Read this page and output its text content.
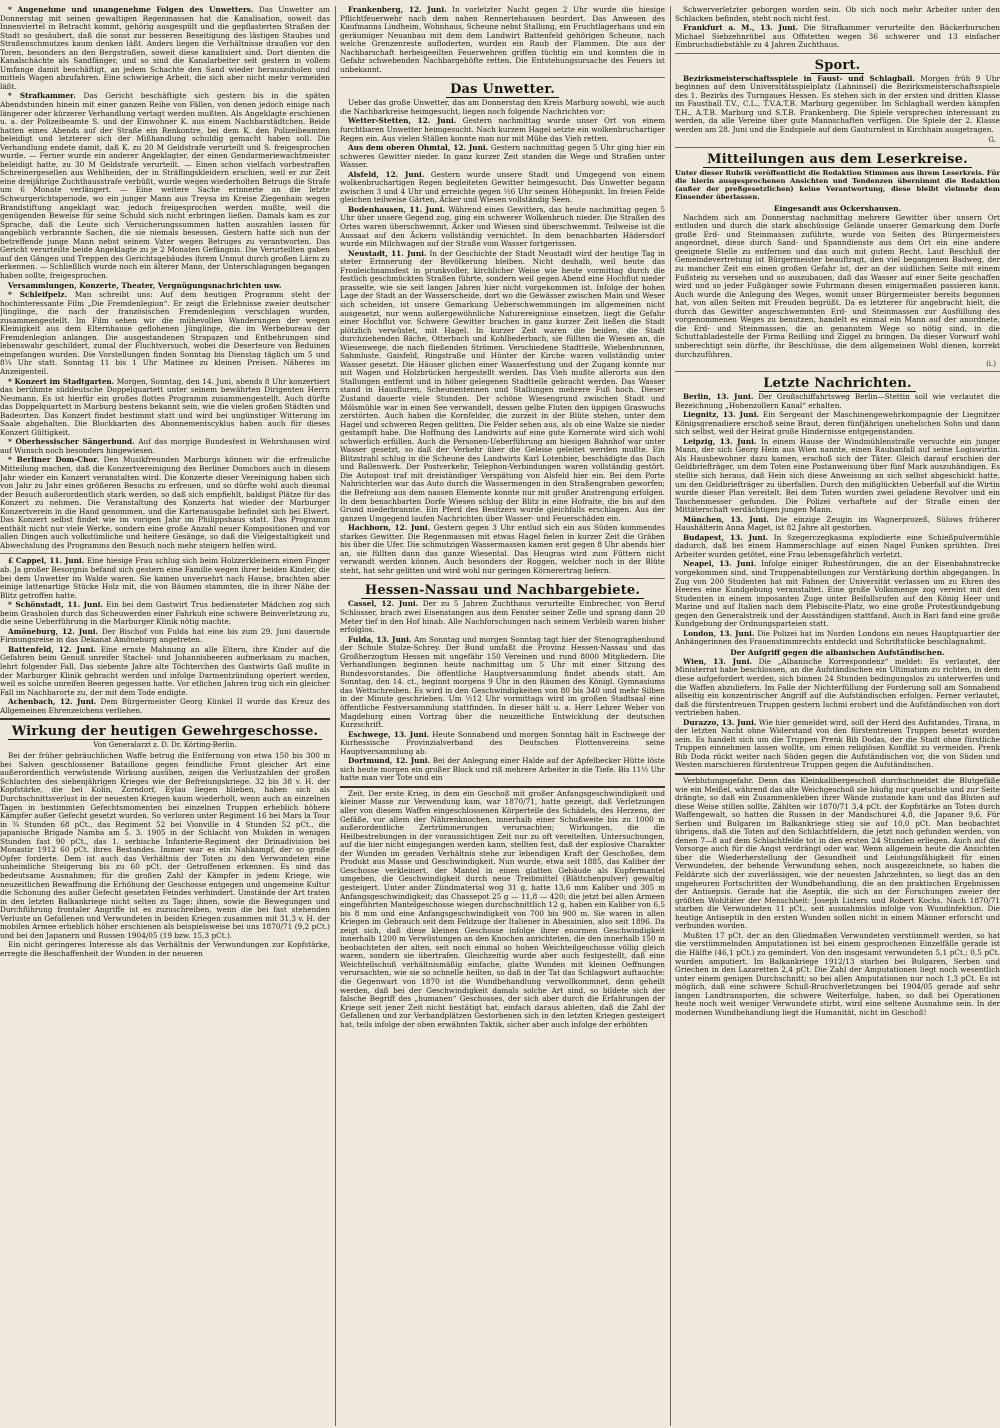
* Angenehme und unangenehme Folgen des Unwetters. Das Unwetter am Donnerstag mit seinen gewaltigen Regenmassen hat die Kanalisation, soweit das Innenviertel in Betracht kommt, gehörig ausgespült und die gepflasterten Straßen der Stadt so gesäubert, daß die sonst zur besseren Beseitigung des lästigen Staubes und Straßenschmutzes kaum denken läßt. Anders liegen die Verhältnisse draußen vor den Toren, besonders an den Bergstraßen, soweit diese kanalisiert sind. Dort dienten die Kanalschächte als Sandfänger, und so sind die Kanalarbeiter seit gestern in vollem Umfange damit beschäftigt, an jedem Schachte den Sand wieder herauszuholen und mittels Wagen abzufahren. Eine schwierige Arbeit, die sich aber nicht mehr vermeiden läßt.

* Strafkammer. Das Gericht beschäftigte sich gestern bis in die späten Abendstunden hinein mit einer ganzen Reihe von Fällen, von denen jedoch einige nach längerer oder kürzerer Verhandlung vertagt werden mußten. Als Angeklagte erschienen u. a. der Polizeibeamte S. und der Einwohner K. aus einem Nachbarstädtchen. Beide hatten eines Abends auf der Straße ein Renkontre, bei dem K. den Polizeibeamten beleidigt und letzterer sich der Mißhandlung schuldig gemacht haben soll. Die Verhandlung endete damit, daß K. zu 20 M Geldstrafe verurteilt und S. freigesprochen wurde. — Ferner wurde ein anderer Angeklagter, der einen Gendarmeriewachtmeister beleidigt hatte, zu 30 M Geldstrafe verurteilt. — Einen schon vielfach vorbestraften Schreinergesellen aus Wehlheiden, der in Sträflingskleidern erschien, weil er zur Zeit eine dreijährige Zuchthausstrafe verbüßt, wurde wegen wiederholten Betrugs die Strafe um 6 Monate verlängert. — Eine weitere Sache erinnerte an die letzte Schwurgerichtsperiode, wo ein junger Mann aus Treysa im Kreise Ziegenhain wegen Brandstiftung angeklagt war, jedoch freigesprochen werden mußte, weil die genügenden Beweise für seine Schuld sich nicht erbringen ließen. Damals kam es zur Sprache, daß die Leute sich Versicherungssummen hatten auszahlen lassen für angeblich verbrannte Sachen, die sie niemals besessen. Gestern hatte sich nun der betreffende junge Mann nebst seinem Vater wegen Betruges zu verantworten. Das Gericht verurteilte beide Angeklagte zu je 2 Monaten Gefängnis. Die Verurteilten gaben auf den Gängen und Treppen des Gerichtsgebäudes ihrem Unmut durch großen Lärm zu erkennen. — Schließlich wurde noch ein älterer Mann, der Unterschlagungen begangen haben sollte, freigesprochen.

Versammlungen, Konzerte, Theater, Vergnügungsnachrichten usw.

* Schleifpelz. Man schreibt uns: Auf dem heutigen Programm steht der hochinteressante Film „Die Fremdenlegion“. Er zeigt die Erlebnisse zweier deutscher Jünglinge, die nach der französischen Fremdenlegion verschlagen wurden, zusammengestellt. Im Film sehen wir die mühevollen Wanderungen der wegen Kleinigkeit aus dem Elternhause geflohenen Jünglinge, die im Werbebureau der Fremdenlegion anlangen. Die ausgestandenen Strapazen und Entbehrungen sind lebenswahr geschildert, zumal der Fluchtversuch, wobei die Deserteure von Beduinen eingefangen wurden. Die Vorstellungen finden Sonntag bis Dienstag täglich um 5 und 8¼ Uhr statt. Sonntag 11 bis 1 Uhr Matinee zu kleinen Preisen. Näheres im Anzeigenteil.

* Konzert im Stadtgarten. Morgen, Sonntag, den 14. Juni, abends 8 Uhr konzertiert das berühmte süddeutsche Doppelquartett unter seinem bewährten Dirigenten Herrn Neumann. Es ist hierfür ein großes flottes Programm zusammengestellt. Auch dürfte das Doppelquartett in Marburg bestens bekannt sein, wie die vielen großen Städten und Badeorten. Das Konzert findet bestimmt statt und wird bei ungünstiger Witterung im Saale abgehalten. Die Blockkarten des Abonnementscyklus haben auch für dieses Konzert Gültigkeit.

* Oberhessischer Sängerbund. Auf das morgige Bundesfest in Wehrshausen wird auf Wunsch noch besonders hingewiesen.

* Berliner Dom-Chor. Den Musikfreunden Marburgs können wir die erfreuliche Mitteilung machen, daß die Konzertvereinigung des Berliner Domchors auch in diesem Jahr wieder ein Konzert veranstalten wird. Die Konzerte dieser Vereinigung haben sich von Jahr zu Jahr eines größeren Besuchs zu erfreuen, und so dürfte wohl auch diesmal der Besuch außerordentlich stark werden, so daß sich empfiehlt, baldigst Plätze für das Konzert zu nehmen. Die Veranstaltung des Konzerts hat wieder der Marburger Konzertverein in die Hand genommen, und die Kartenausgabe befindet sich bei Elwert. Das Konzert selbst findet wie im vorigen Jahr im Philippshaus statt. Das Programm enthält nicht nur viele Werke, sondern eine große Anzahl neuer Kompositionen und vor allen Dingen auch volkstümliche und heitere Gesänge, so daß die Vielgestaltigkeit und Abwechslung des Programms den Besuch noch mehr steigern helfen wird.

£ Cappel, 11. Juni. Eine hiesige Frau schlug sich beim Holzzerkleinern einen Finger ab. Ja großer Besorgnis befand sich gestern eine Familie wegen ihrer beiden Kinder, die bei dem Unwetter im Walde waren. Sie kamen unversehrt nach Hause, brachten aber einige lattenartige Stücke Holz mit, die von Bäumen stammten, die in ihrer Nähe der Blitz getroffen hatte.

* Schönstadt, 11. Juni. Ein bei dem Gastwirt Trus bediensteter Mädchen zog sich beim Grasholen durch das Scheuwerden einer Fahrkuh eine schwere Beinverletzung zu, die seine Ueberführung in die Marburger Klinik nötig machte.

Amöneburg, 12. Juni. Der Bischof von Fulda hat eine bis zum 29. Juni dauernde Firmungsreise in das Dekanat Amöneburg angetreten.

Battenfeld, 12. Juni. Eine ernste Mahnung an alle Eltern, ihre Kinder auf die Gefahren beim Genuß unreifer Stachel- und Johannisbeeren aufmerksam zu machen, lehrt folgender Fall. Das siebente Jahre alte Töchterchen des Gastwirts Gaß mußte in der Marburger Klinik gebracht werden und infolge Darmentzündung operiert werden, weil es solche unreifen Beeren gegessen hatte. Vor etlichen Jahren trug sich ein gleicher Fall im Nachbarorte zu, der mit dem Tode endigte.

Achenbach, 12. Juni. Dem Bürgermeister Georg Künkel II wurde das Kreuz des Allgemeinen Ehrenzeichens verliehen.

Wirkung der heutigen Gewehrgeschosse.
Von Generalarzt z. D. Dr. Körting-Berlin.

Bei der früher gebräuchlichen Waffe betrug die Entfernung von etwa 150 bis 300 m bei Salven geschlossener Bataillone gegen feindliche Front gleicher Art eine außerordentlich verwüstende Wirkung ausüben, zeigen die Verlustzahlen der großen Schlachten des siebenjährigen Krieges wie der Befreiungskriege. 32 bis 38 v. H. der Kopfstärke, die bei Kolin, Zorndorf, Eylau liegen blieben, haben sich als Durchschnittsverlust in der neuesten Kriegen kaum wiederholt, wenn auch an einzelnen Tagen in bestimmten Gefechtsmomenten bei einzelnen Truppen erheblich höhere Kämpfer außer Gefecht gesetzt wurden. So verloren unter Regiment 16 bei Mars la Tour in ¾ Stunden 68 pCt., das Regiment 52 bei Vionville in 4 Stunden 52 pCt., die japanische Brigade Namba am 5. 3. 1905 in der Schlacht von Mukden in wenigen Stunden fast 90 pCt., das 1. serbische Infanterie-Regiment der Drinadivision bei Monastir 1912 60 pCt. ihres Bestandes. Immer war es ein Nahkampf, der so große Opfer forderte. Dem ist auch das Verhältnis der Toten zu den Verwundeten eine unheimliche Steigerung bis zu 60 pCt. der Getroffenen erkennen. Es sind das bedeutsame Ausnahmen; für die großen Zahl der Kämpfer in jedem Kriege, wie neuzeitlichen Bewaffnung die Erhöhung der Geschosse entgegen und ungemeine Kultur die Schonung des außer Gefecht gesetzten Feindes verhindert. Umstände der Art traten in den letzten Balkankriege nicht selten zu Tage; ihnen, sowie die Bewegungen und Durchführung frontaler Angriffe ist es zuzuschreiben, wenn die bei fast stehenden Verluste an Gefallenen und Verwundeten in beiden Kriegen zusammen mit 31,3 v. H. der mobilen Armee erheblich höher erschienen als beispielsweise bei uns 1870/71 (9,2 pCt.) und bei den Japanern und Russen 1904/05 (19 bzw. 15,3 pCt.).

Ein nicht geringeres Interesse als das Verhältnis der Verwundungen zur Kopfstärke, erregte die Beschaffenheit der Wunden in der neueren

Frankenberg, 12. Juni. In vorletzter Nacht gegen 2 Uhr wurde die hiesige Pflichtfeuerwehr nach dem nahen Rennertehausen beordert. Das Anwesen des Kaufmanns Lindheim, Wohnhaus, Scheune nebst Stallung, ein Fruchtlagerhaus und ein geräumiger Neuanbau mit dem dem Landwirt Battenfeld gehörigen Scheune, nach welche Grenzenreste aufloderten, wurden ein Raub der Flammen. Die aus der Nachbarschaft herbeigeeilten Feuerwehren griffen tüchtig ein und konnten die in Gefahr schwebenden Nachbargehöfte retten. Die Entstehungsursache des Feuers ist unbekannt.

Das Unwetter.

Ueber das große Unwetter, das am Donnerstag den Kreis Marburg sowohl, wie auch die Nachbarkreise heimgesucht, liegen noch folgende Nachrichten vor:

Wetter-Stetten, 12. Juni. Gestern nachmittag wurde unser Ort von einem furchtbaren Unwetter heimgesucht. Nach kurzem Hagel setzte ein wolkenbruchartiger Regen ein. Aus vielen Ställen konnte man nur mit Mühe das Vieh retten.

Aus dem oberen Ohmtal, 12. Juni. Gestern nachmittag gegen 5 Uhr ging hier ein schweres Gewitter nieder. In ganz kurzer Zeit standen die Wege und Straßen unter Wasser.

Alsfeld, 12. Juni. Gestern wurde unsere Stadt und Umgegend von einem wolkenbruchartigen Regen begleiteten Gewitter heimgesucht. Das Unwetter begann zwischen 3 und 4 Uhr und erreichte gegen ½6 Uhr seinen Höhepunkt. Im freien Felde gleichen teilweise Gärten, Äcker und Wiesen vollständig Seen.

Bodenhausen, 11. Juni. Während eines Gewitters, das heute nachmittag gegen 5 Uhr über unsere Gegend zog, ging ein schwerer Wolkenbruch nieder. Die Straßen des Ortes waren überschwemmt, Äcker und Wiesen sind überschwemmt. Teilweise ist die Aussaat auf den Äckern vollständig vernichtet. In dem benachbarten Hädersdorf wurde ein Milchwagen auf der Straße vom Wasser fortgerissen.

Neustadt, 11. Juni. In der Geschichte der Stadt Neustadt wird der heutige Tag in steter Erinnerung der Bevölkerung bleiben. Nicht deshalb, weil heute das Fronleichnamsfest in prunkvoller, kirchlicher Weise wie heute vormittag durch die festlich geschmückten Straßen führte, sondern weil gegen Abend eine Hochflut nieder prasselte, wie sie seit langen Jahren hier nicht vorgekommen ist. Infolge der hohen Lage der Stadt an der Wasserscheide, dort wo die Gewässer zwischen Main und Weser sich scheiden, ist unsere Gemarkung Ueberschwemmungen im allgemeinen nicht ausgesetzt, nur wenn außergewöhnliche Naturereignisse einsetzen, liegt die Gefahr einer Hochflut vor. Schwere Gewitter brachen in ganz kurzer Zeit ließen die Stadt plötzlich verwüstet, mit Hagel. In kurzer Zeit waren die beiden, die Stadt durchziehenden Bäche, Otterbach und Kohlbederbach, sie füllten die Wiesen an, die Wiesenwege, die nach fließenden Strömen. Verschiedene Stadtteile, Wiebenbrunnen, Sahmluste, Gaisfeld, Ringstraße und Hünter der Kirche waren vollständig unter Wasser gesetzt. Die Häuser glichen einer Wasserfestung und der Zugang konnte nur mit Wagen und Holzbrücken hergestellt werden. Das Vieh mußte allerorts aus den Stallungen entfernt und in höher gelegenen Stadtteile gebracht werden. Das Wasser stand in Hausfluren, Scheunentennen und Stallungen mehrere Fuß hoch. Dieser Zustand dauerte viele Stunden. Der schöne Wiesengrund zwischen Stadt und Mölsmühle war in einen See verwandelt, dessen gelbe Fluten den üppigen Graswuchs zerstörten. Auch haben die Kornfelder, die zurzeit in der Blüte stehen, unter dem Hagel und schweren Regen gelitten. Die Felder sehen aus, als ob eine Walze sie nieder gestampft habe. Die Hoffnung des Landwirts auf eine gute Kornernte wird sich wohl schwerlich erfüllen. Auch die Personen-Ueberführung am hiesigen Bahnhof war unter Wasser gesetzt, so daß der Verkehr über die Geleise geleitet werden mußte. Ein Blitzstrahl schlug in die Scheune des Landwirts Karl Lotenbier, beschädigte das Dach und Ballenwerk. Der Postverkehr, Telephon-Verbindungen waren vollständig gestört. Die Autopost traf mit dreiständiger Verspätung von Alsfeld hier ein. Bei dem Porte Nahrichterlen war das Auto durch die Wassermengen in den Straßengraben geworfen; die Befreiung aus dem nassen Elemente konnte nur mit großer Anstrengung erfolgen. In dem benachbarten Dorfe Wiesen schlug der Blitz in eine Hofraite, die bis auf den Grund niederbrannte. Ein Pferd des Besitzers wurde gleichfalls erschlagen. Aus der ganzen Umgegend laufen Nachrichten über Wasser- und Feuerschäden ein.

Hachborn, 12. Juni. Gestern gegen 3 Uhr entlud sich ein aus Süden kommendes starkes Gewitter. Die Regenmassen mit etwas Hagel fielen in kurzer Zeit die Gräben bis über die Ufer. Die schmutzigen Wassermassen kamen erst gegen 8 Uhr abends hier an, sie füllten dann das ganze Wiesental. Das Heugras wird zum Füttern nicht verwandt werden können. Auch besonders der Roggen, welcher noch in der Blüte steht, hat sehr gelitten und wird wohl nur geringen Körnerertrag liefern.

Hessen-Nassau und Nachbargebiete.

Cassel, 12. Juni. Der zu 5 Jahren Zuchthaus verurteilte Einbrecher, von Beruf Schlosser, brach zwei Eisenstangen aus dem Fenster seiner Zelle und sprang dann 20 Meter tief in den Hof hinab. Alle Nachforschungen nach seinem Verbleib waren bisher erfolglos.

Fulda, 13. Juni. Am Sonntag und morgen Sonntag tagt hier der Stenographenbund der Schule Stolze-Schrey. Der Bund umfaßt die Provinz Hessen-Nassau und das Großherzogtum Hessen mit ungefähr 150 Vereinen und rund 8000 Mitgliedern. Die Verhandlungen beginnen heute nachmittag um 5 Uhr mit einer Sitzung des Bundesvorstandes. Die öffentliche Hauptversammlung findet abends statt. Am Sonntag, den 14. ct., beginnt morgens 9 Uhr in den Räumen des Königl. Gymnasiums das Wettschreiben. Es wird in den Geschwindigkeiten von 80 bis 340 und mehr Silben in der Minute geschrieben. Um ½12 Uhr vormittags wird im großen Stadtsaal eine öffentliche Festversammlung stattfinden. In dieser hält u. a. Herr Lehrer Weber von Magdeburg einen Vortrag über die neuzeitliche Entwicklung der deutschen Kurzschrift.

Eschwege, 13. Juni. Heute Sonnabend und morgen Sonntag hält in Eschwege der Kurhessische Provinzialverband des Deutschen Flottenvereins seine Hauptversammlung ab.

Dortmund, 12. Juni. Bei der Anlegung einer Halde auf der Apfelbecker Hütte löste sich heute morgen ein großer Block und riß mehrere Arbeiter in die Tiefe. Bis 11½ Uhr hatte man vier Tote und ein

Zeit. Der erste Krieg, in dem ein Geschoß mit großer Anfangsgeschwindigkeit und kleiner Masse zur Verwendung kam, war 1870/71, hatte gezeigt, daß Verletzungen aller von diesem Waffen eingeschlossenen Körperteile des Schädels, des Herzens, der Gefäße, vor allem der Nährenknochen, innerhalb einer Schußweite bis zu 1000 m außerordentliche Zertrümmerungen verursachten; Wirkungen, die die Heilbestrebungen in der voraussichtigen Zeit nur zu oft vereitelten. Untersuchungen, auf die hier nicht eingegangen werden kann, stellten fest, daß der explosive Charakter der Wunden im geraden Verhältnis stehe zur lebendigen Kraft der Geschoßes, dem Produkt aus Masse und Geschwindigkeit. Nun wurde, etwa seit 1885, das Kaliber der Geschosse verkleinert, der Mantel in einen glatten Gebäude als Kupfermantel umgeben, die Geschwindigkeit durch neue Treibmittel (Blättchenpulver) gewaltig gesteigert. Unter ander Zündmaterial wog 31 g, hatte 13,6 mm Kaliber und 305 m Anfangsgeschwindigkeit; das Chassepot 25 g — 11,8 — 420; die jetzt bei allen Armeen eingeführten Mantelgeschosse wiegen durchschnittlich 12 g, haben ein Kaliber von 6,5 bis 8 mm und eine Anfangsgeschwindigkeit von 700 bis 900 m. Sie waren in allen Kriegen im Gebrauch seit dem Feldzuge der Italiener in Abessinien, also seit 1896. Da zeigt sich, daß diese kleinen Geschosse infolge ihrer enormen Geschwindigkeit innerhalb 1200 m Verwüstungen an den Knochen anrichteten, die den innerhalb 150 m beobachteten der alten, seit noch einmal so hohen Weichteilgeschosse völlig gleich waren, sondern sie übertrafen. Gleichzeitig wurde aber auch festgestellt, daß eine Weichteilschuß verhältnismäßig einfache, glatte Wunden mit kleinen Oeffnungen verursachten, wie sie so schnelle heilten, so daß in der Tat das Schlagwort auftauchte: die Gegenwart von 1870 ist die Wundbehandlung verwollkommnet, denn geheilt werden, daß bei der Geschwindigkeit damals solche Art sind, so bildete sich der falsche Begriff des „humanen“ Geschosses, der sich aber durch die Erfahrungen der Kriege seit jener Zeit nicht bestätigt hat, einfach daraus ableiten, daß die Zahl der Gefallenen und zur Verbandplätzen Gestorbenen sich in den letzten Kriegen gesteigert hat, teils infolge der oben erwähnten Taktik, sicher aber auch infolge der erhöhten

Schwerverletzter geborgen worden sein. Ob sich noch mehr Arbeiter unter den Schlacken befinden, steht noch nicht fest.

Frankfurt a. M., 13. Juni. Die Strafkammer verurteilte den Bäckerburschen Michael Siebzehnrübel aus Offstetten wegen 36 schwerer und 13 einfacher Einbruchsdiebstähle zu 4 Jahren Zuchthaus.

Sport.

Bezirksmeisterschaftsspiele in Faust- und Schlagball. Morgen früh 9 Uhr beginnen auf dem Universitätsspielplatz (Lahninsel) die Bezirksmeisterschaftsspiele des 1. Bezirks des Turngaues Hessen. Es stehen sich in der ersten und dritten Klasse im Faustball T.V., C.L., T.V.A.T.B. Marburg gegenüber. Im Schlagball werden kämpfen T.H., A.T.B. Marburg und S.T.B. Frankenberg. Die Spiele versprechen interessant zu werden, da alle Vereine über gute Mannschaften verfügen. Die Spiele der 2. Klasse werden am 28. Juni und die Endspiele auf dem Gauturnfest in Kirchhain ausgetragen.

G.
Mitteilungen aus dem Leserkreise.
Unter dieser Rubrik veröffentlicht die Redaktion Stimmen aus ihrem Leserkreis. Für die hierin ausgesprochenen Ansichten und Tendenzen übernimmt die Redaktion (außer der preßgesetzlichen) keine Verantwortung, diese bleibt vielmehr dem Einsender überlassen.
Eingesandt aus Ockershausen.

Nachdem sich am Donnerstag nachmittag mehrere Gewitter über unsern Ort entluden und durch die stark abschüssige Gelände unserer Gemarkung dem Dorfe große Erd- und Steinmassen zuführte, wurde von Seiten des Bürgermeisters angeordnet, diese durch Sand- und Spanndienste aus dem Ort ein eine andere geeignete Stelle zu entfernen und das auch mit gutem Recht. Laut Beschluß der Gemeindevertretung ist Bürgermeister beauftragt, den viel begangenen Badweg, der zu mancher Zeit ein einen großen Gefahr ist, der an der südlichen Seite mit einem Fußsteig zu versehen und so auszubauen, daß das Wasser auf einer Seite geschaffen wird und so jeder Fußgänger sowie Fuhrmann diesen einigermaßen passieren kann. Auch wurde die Anlegung des Weges, womit unser Bürgermeister bereits begonnen hat, von allen Seiten mit Freuden begrüßt. Da es letzterer für angebracht hielt, die durch das Gewitter angeschwemmten Erd- und Steinmassen zur Ausfüllung des vorgenommenen Weges zu benutzen, handelt es einmal ein Mann auf der anordnete, die Erd- und Steinmassen, die an genanntem Wege so nötig sind, in die Schuttabladestelle der Firma Reißing und Ziggel zu bringen. Da dieser Vorwurf wohl unberechtigt sein dürfte, ihr Beschlüsse, die dem allgemeinen Wohl dienen, korrekt durchzuführen.

(i.)
Letzte Nachrichten.

Berlin, 13. Juni. Der Großschiffahrtsweg Berlin—Stettin soll wie verlautet die Bezeichnung „Hohenzollern Kanal“ erhalten.

Liegnitz, 13. Juni. Ein Sergeant der Maschinengewehrkompagnie der Liegnitzer Königsgrenadiere erschoß seine Braut, deren fünfjährigen unehelichen Sohn und dann sich selbst, weil der Heirat große Hindernisse entgegenstanden.

Leipzig, 13. Juni. In einem Hause der Windmühlenstraße versuchte ein junger Mann, der sich Georg Hein aus Wien nannte, einen Raubanfall auf seine Logiswirtin. Als Hausbewohner dazu kamen, erschoß sich der Täter. Gleich darauf erschien der Geldbriefträger, um dem Toten eine Postanweisung über fünf Mark auszuhändigen. Es stellte sich heraus, daß Hein sich diese Anweisung an sich selbst abgeschickt hatte, um den Geldbriefträger zu überfallen. Durch den mißglückten Ueberfall auf die Wirtin wurde dieser Plan vereitelt. Bei dem Toten wurden zwei geladene Revolver und ein Taschenmesser gefunden. Die Polizei verhaftete auf der Straße einen der Mittäterschaft verdächtigen jungen Mann.

München, 13. Juni. Die einzige Zeugin im Wagnerprozeß, Sülows früherer Haushälterin Anna Maget, ist 82 Jahre alt gestorben.

Budapest, 13. Juni. In Szegerczegkasma explodierte eine Schießpulvermühle dadurch, daß bei einem Hammerschlage auf einen Nagel Funken sprühten. Drei Arbeiter wurden getötet, eine Frau lebensgefährlich verletzt.

Neapel, 13. Juni. Infolge einiger Ruhestörungen, die an der Eisenbahnstrecke vorgekommen sind, sind Truppenabteilungen zur Verstärkung dorthin abgegangen. In Zug von 200 Studenten hat mit Fahnen der Universität verlassen um zu Ehren des Heeres eine Kundgebung veranstaltet. Eine große Volksmenge zog vereint mit den Studenten in einem imposanten Zuge unter Beifallsrufen auf den König Heer und Marine und auf Italien nach dem Plebiscite-Platz, wo eine große Protestkundgebung gegen den Generalstreik und der Ausständigen stattfand. Auch in Bari fand eine große Kundgebung der Ordnungsparteien statt.

London, 13. Juni. Die Polizei hat im Norden Londons ein neues Hauptquartier der Anhängerinnen des Frauenstimmrechts entdeckt und Schriftstücke beschlagnahmt.

Der Aufgriff gegen die albanischen Aufständischen.

Wien, 13. Juni. Die „Albanische Korrespondenz“ meldet: Es verlautet, der Ministerrat habe beschlossen, an die Aufständischen ein Ultimatum zu richten, in dem diese aufgefordert werden, sich binnen 24 Stunden bedingungslos zu unterwerfen und die Waffen abzuliefern. Im Falle der Nichterfüllung der Forderung soll am Sonnabend allseitig ein konzentrischer Angriff auf die Aufständischen erfolgen. Ferner verlautet, daß die fürstentreuen Truppen gestern Ischmi erobert und die Aufständischen von dort vertrieben haben.

Durazzo, 13. Juni. Wie hier gemeldet wird, soll der Herd des Aufstandes, Tirana, in der letzten Nacht ohne Widerstand von den fürstentreuen Truppen besetzt worden sein. Es handelt sich um die Truppen Prenk Bib Dodas, der die Stadt ohne fürstliche Truppen einnehmen lassen wollte, um einen religiösen Konflikt zu vermeiden. Prenk Bib Doda rückt weiter nach Süden gegen die Aufständischen vor, die von Süden und Westen marschieren fürstentreue Truppen gegen die Aufständischen.

Verblutungsgefahr. Denn das Kleinkalibergeschoß durchschneidet die Blutgefäße wie ein Meißel, während das alte Weichgeschoß sie häufig nur quetschte und zur Seite drängte, so daß ein Zusammenkleben ihrer Wände zustande kam und das Bluten auf diese Weise stillen sollte. Zählten wir 1870/71 3,4 pCt. der Kopfstärke an Toten durch Waffengewalt, so hatten die Russen in der Mandschurei 4,8, die Japaner 9,6. Für Serben und Bulgaren im Balkankriege stieg sie auf 10,0 pCt. Man beobachtet übrigens, daß die Toten auf den Schlachtfeldern, die jetzt noch gefunden werden, von denen 7—8 auf dem Schlachtfelde tot in den ersten 24 Stunden erliegen. Auch auf die Vorsorge auch für die Angst verdrängt oder war. Wenn allgemein heute die Ansichten über die Wiederherstellung der Gesundheit und Leistungsfähigkeit für einen Verwundeten, der behende Verwundung sehen, noch ausgezeichnete, so haben die Feldärzte sich der zuverlässigen, wie der neuesten Jahrzehnten, so liegt das an den ungeheuren Fortschritten der Wundbehandlung, die an den praktischen Ergebnissen der Antisepsis. Gerade hat die Aseptik, die sich an der Forschungen zweier der größten Wohltäter der Menschheit: Joseph Listers und Robert Kochs. Nach 1870/71 starben die Verwundeten 11 pCt., seit ausnahmslos infolge von Wundinfektion. Die heutige Antiseptik in den ersten Wunden sollen nicht in einem Männer erforscht und verbunden worden.

Mußten 17 pCt. der an den Gliedmaßen Verwundeten verstümmelt werden, so hat die verstümmelnden Amputationen ist bei einem gesprochenen Einzelfälle gerade ist die Hälfte (46,1 pCt.) zu gemindert. Von den insgesamt verwundeten 5,1 pCt.; 0,5 pCt. wurden amputiert. Im Balkankriege 1912/13 starben bei Bulgaren, Serben und Griechen in den Lazaretten 2,4 pCt. Die Zahl der Amputationen liegt noch wesentlich unter einem genigen Durchschnitt; so bei allen Amputationen nur noch 1,3 pCt. Es ist möglich, daß eine schwere Schuß-Bruchverletzungen bei 1904/05 gerade auf sehr langen Landtransporten, die schwere Weiterfolge, haben, so daß bei Operationen heute noch weit weniger Verwundete stirbt, wird eine seltene Ausnahme sein. In der modernen Wundbehandlung liegt die Humanität, nicht im Geschoß!
